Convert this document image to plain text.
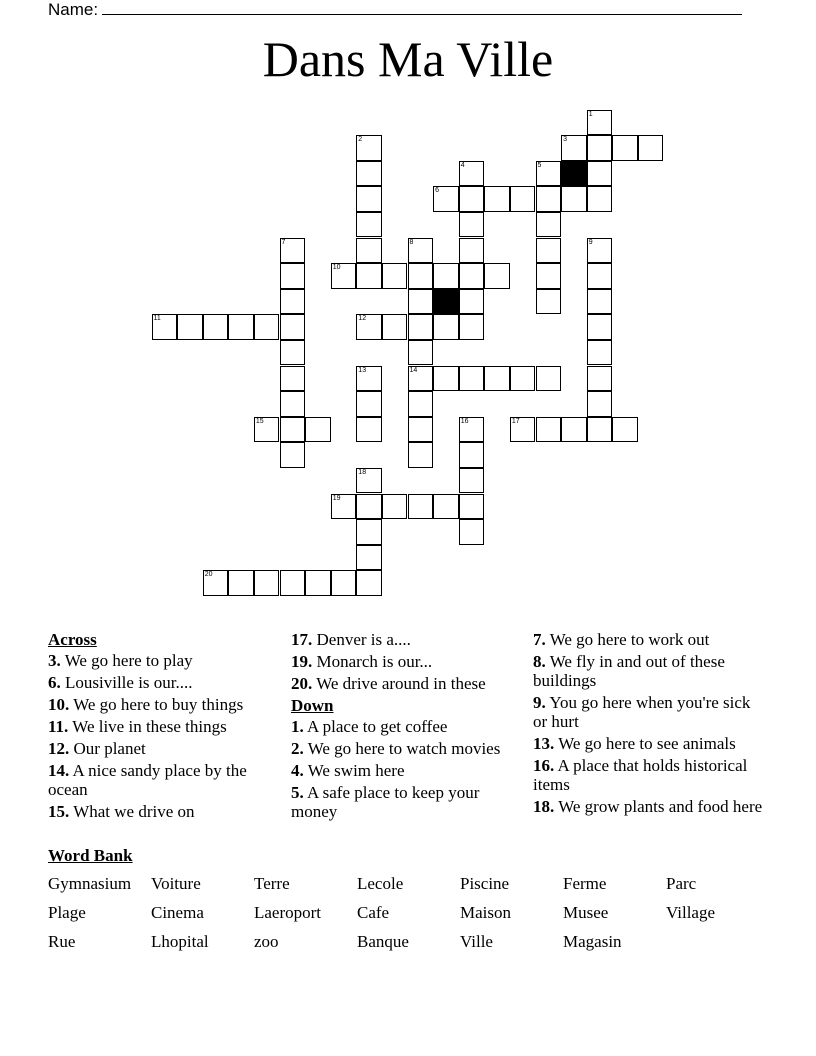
Name:
Dans Ma Ville
1
2	3
4	5
6
7	8	9
10
11	12
13	14
15	16	17
18
19
20
Across
3. We go here to play
6. Lousiville is our....
10. We go here to buy things
11. We live in these things
12. Our planet
14. A nice sandy place by the ocean
15. What we drive on
17. Denver is a....
19. Monarch is our...
20. We drive around in these
Down
1. A place to get coffee
2. We go here to watch movies
4. We swim here
5. A safe place to keep your money
7. We go here to work out
8. We fly in and out of these buildings
9. You go here when you're sick or hurt
13. We go here to see animals
16. A place that holds historical items
18. We grow plants and food here
Word Bank
Gymnasium	Voiture	Terre	Lecole	Piscine	Ferme	Parc
Plage	Cinema	Laeroport	Cafe	Maison	Musee	Village
Rue	Lhopital	zoo	Banque	Ville	Magasin
